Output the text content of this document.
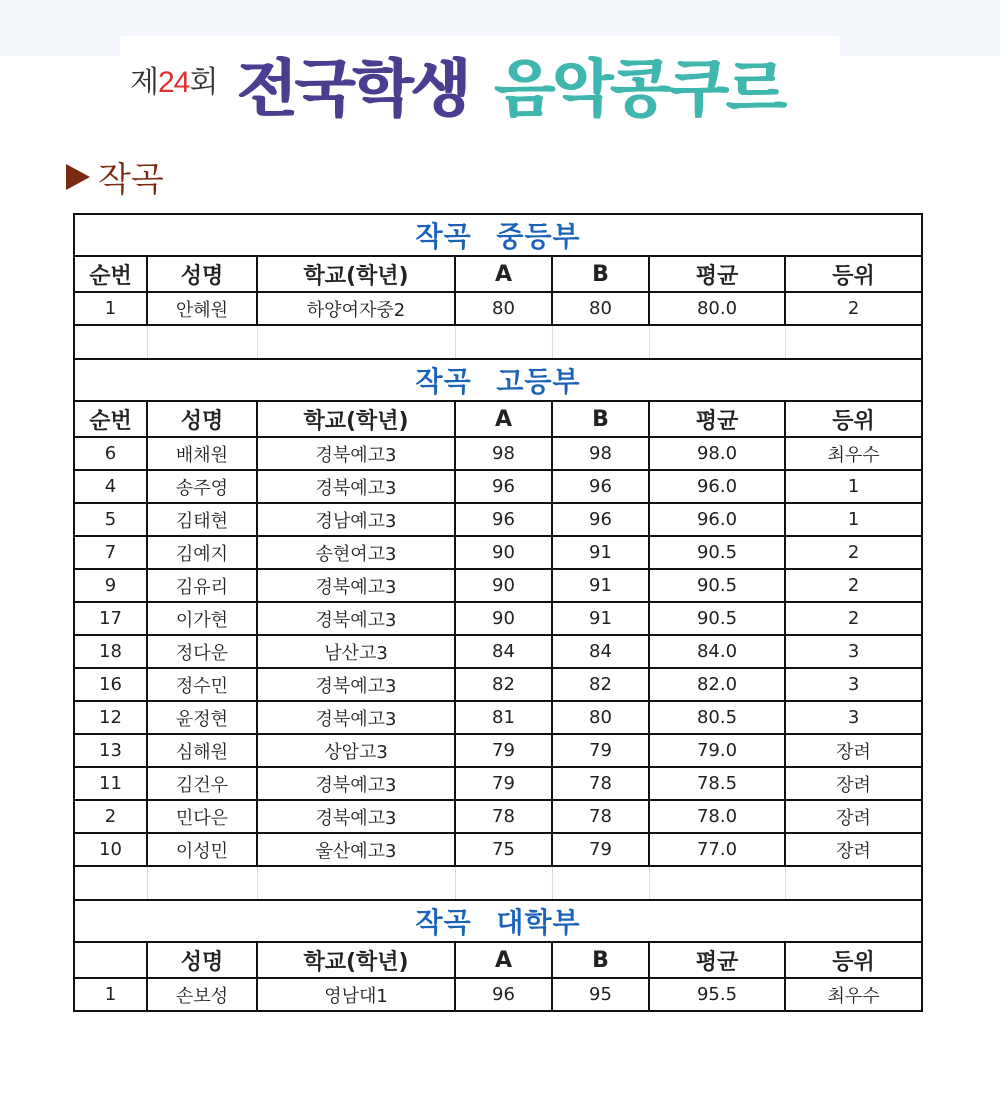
제24회 전국학생 음악콩쿠르
작곡
작곡 중등부						
순번	성명	학교(학년)	A	B	평균	등위
1	안혜원	하양여자중2	80	80	80.0	2

작곡 고등부						
순번	성명	학교(학년)	A	B	평균	등위
6	배채원	경북예고3	98	98	98.0	최우수
4	송주영	경북예고3	96	96	96.0	1
5	김태현	경남예고3	96	96	96.0	1
7	김예지	송현여고3	90	91	90.5	2
9	김유리	경북예고3	90	91	90.5	2
17	이가현	경북예고3	90	91	90.5	2
18	정다운	남산고3	84	84	84.0	3
16	정수민	경북예고3	82	82	82.0	3
12	윤정현	경북예고3	81	80	80.5	3
13	심해원	상암고3	79	79	79.0	장려
11	김건우	경북예고3	79	78	78.5	장려
2	민다은	경북예고3	78	78	78.0	장려
10	이성민	울산예고3	75	79	77.0	장려

작곡 대학부						
	성명	학교(학년)	A	B	평균	등위
1	손보성	영남대1	96	95	95.5	최우수
